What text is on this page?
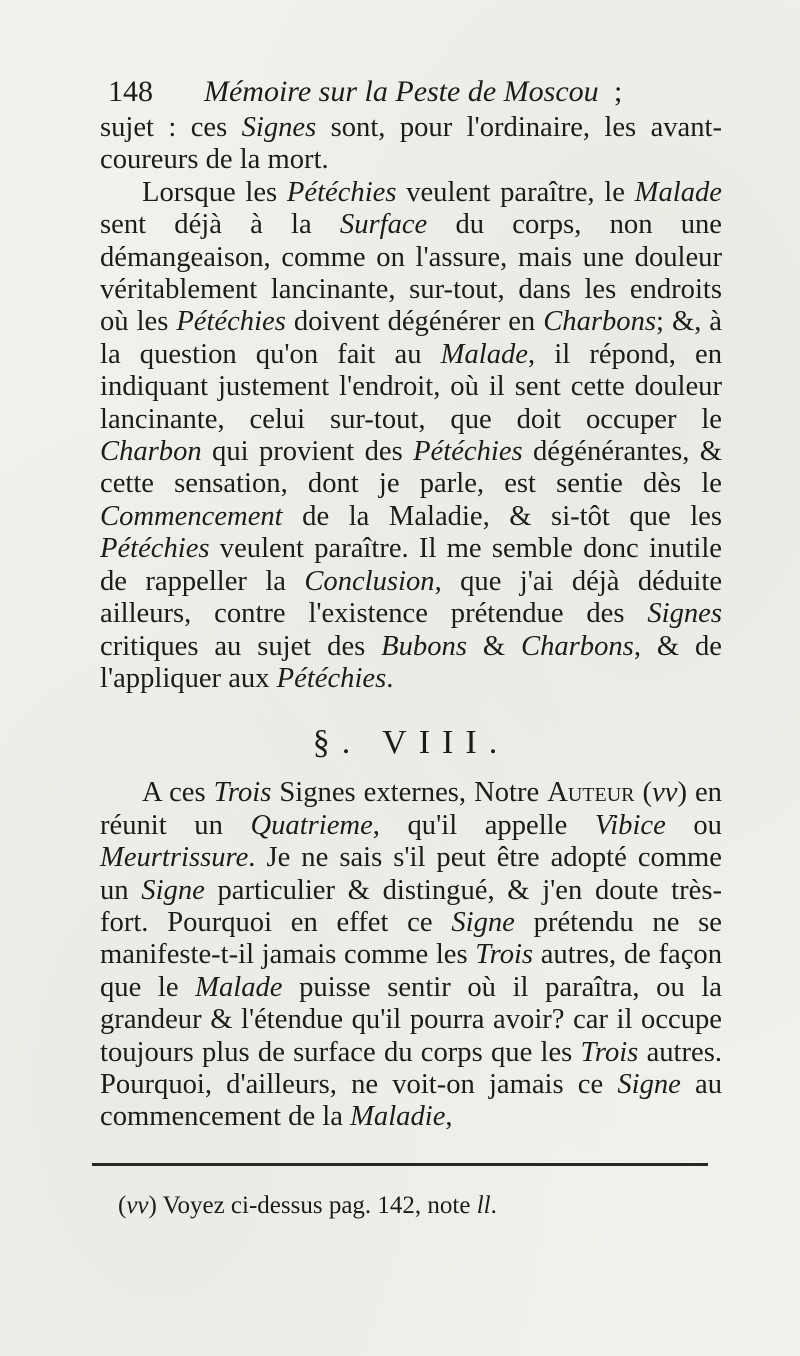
148 Mémoire sur la Peste de Moscou ;

sujet : ces Signes sont, pour l'ordinaire, les avant-coureurs de la mort.

Lorsque les Pétéchies veulent paraître, le Malade sent déjà à la Surface du corps, non une démangeaison, comme on l'assure, mais une douleur véritablement lancinante, sur-tout, dans les endroits où les Pétéchies doivent dégénérer en Charbons; &, à la question qu'on fait au Malade, il répond, en indiquant justement l'endroit, où il sent cette douleur lancinante, celui sur-tout, que doit occuper le Charbon qui provient des Pétéchies dégénérantes, & cette sensation, dont je parle, est sentie dès le Commencement de la Maladie, & si-tôt que les Pétéchies veulent paraître. Il me semble donc inutile de rappeller la Conclusion, que j'ai déjà déduite ailleurs, contre l'existence prétendue des Signes critiques au sujet des Bubons & Charbons, & de l'appliquer aux Pétéchies.

§. VIII.

A ces Trois Signes externes, Notre Auteur (vv) en réunit un Quatrieme, qu'il appelle Vibice ou Meurtrissure. Je ne sais s'il peut être adopté comme un Signe particulier & distingué, & j'en doute très-fort. Pourquoi en effet ce Signe prétendu ne se manifeste-t-il jamais comme les Trois autres, de façon que le Malade puisse sentir où il paraîtra, ou la grandeur & l'étendue qu'il pourra avoir? car il occupe toujours plus de surface du corps que les Trois autres. Pourquoi, d'ailleurs, ne voit-on jamais ce Signe au commencement de la Maladie,

(vv) Voyez ci-dessus pag. 142, note ll.
